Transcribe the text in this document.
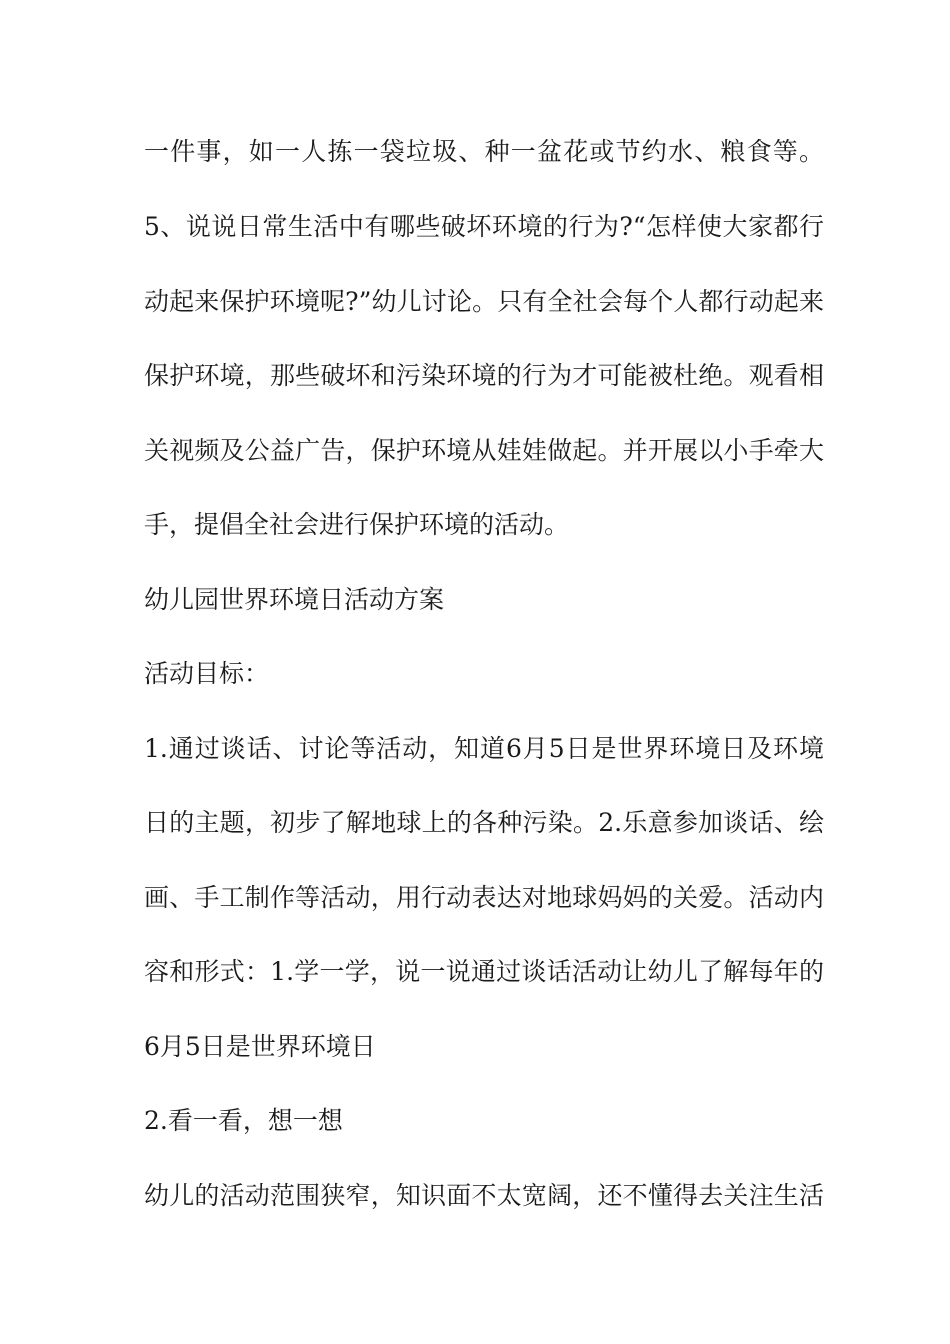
一件事，如一人拣一袋垃圾、种一盆花或节约水、粮食等。
5、说说日常生活中有哪些破坏环境的行为?“怎样使大家都行
动起来保护环境呢?”幼儿讨论。只有全社会每个人都行动起来
保护环境，那些破坏和污染环境的行为才可能被杜绝。观看相
关视频及公益广告，保护环境从娃娃做起。并开展以小手牵大
手，提倡全社会进行保护环境的活动。
幼儿园世界环境日活动方案
活动目标：
1.通过谈话、讨论等活动，知道6月5日是世界环境日及环境
日的主题，初步了解地球上的各种污染。2.乐意参加谈话、绘
画、手工制作等活动，用行动表达对地球妈妈的关爱。活动内
容和形式：1.学一学，说一说通过谈话活动让幼儿了解每年的
6月5日是世界环境日
2.看一看，想一想
幼儿的活动范围狭窄，知识面不太宽阔，还不懂得去关注生活
